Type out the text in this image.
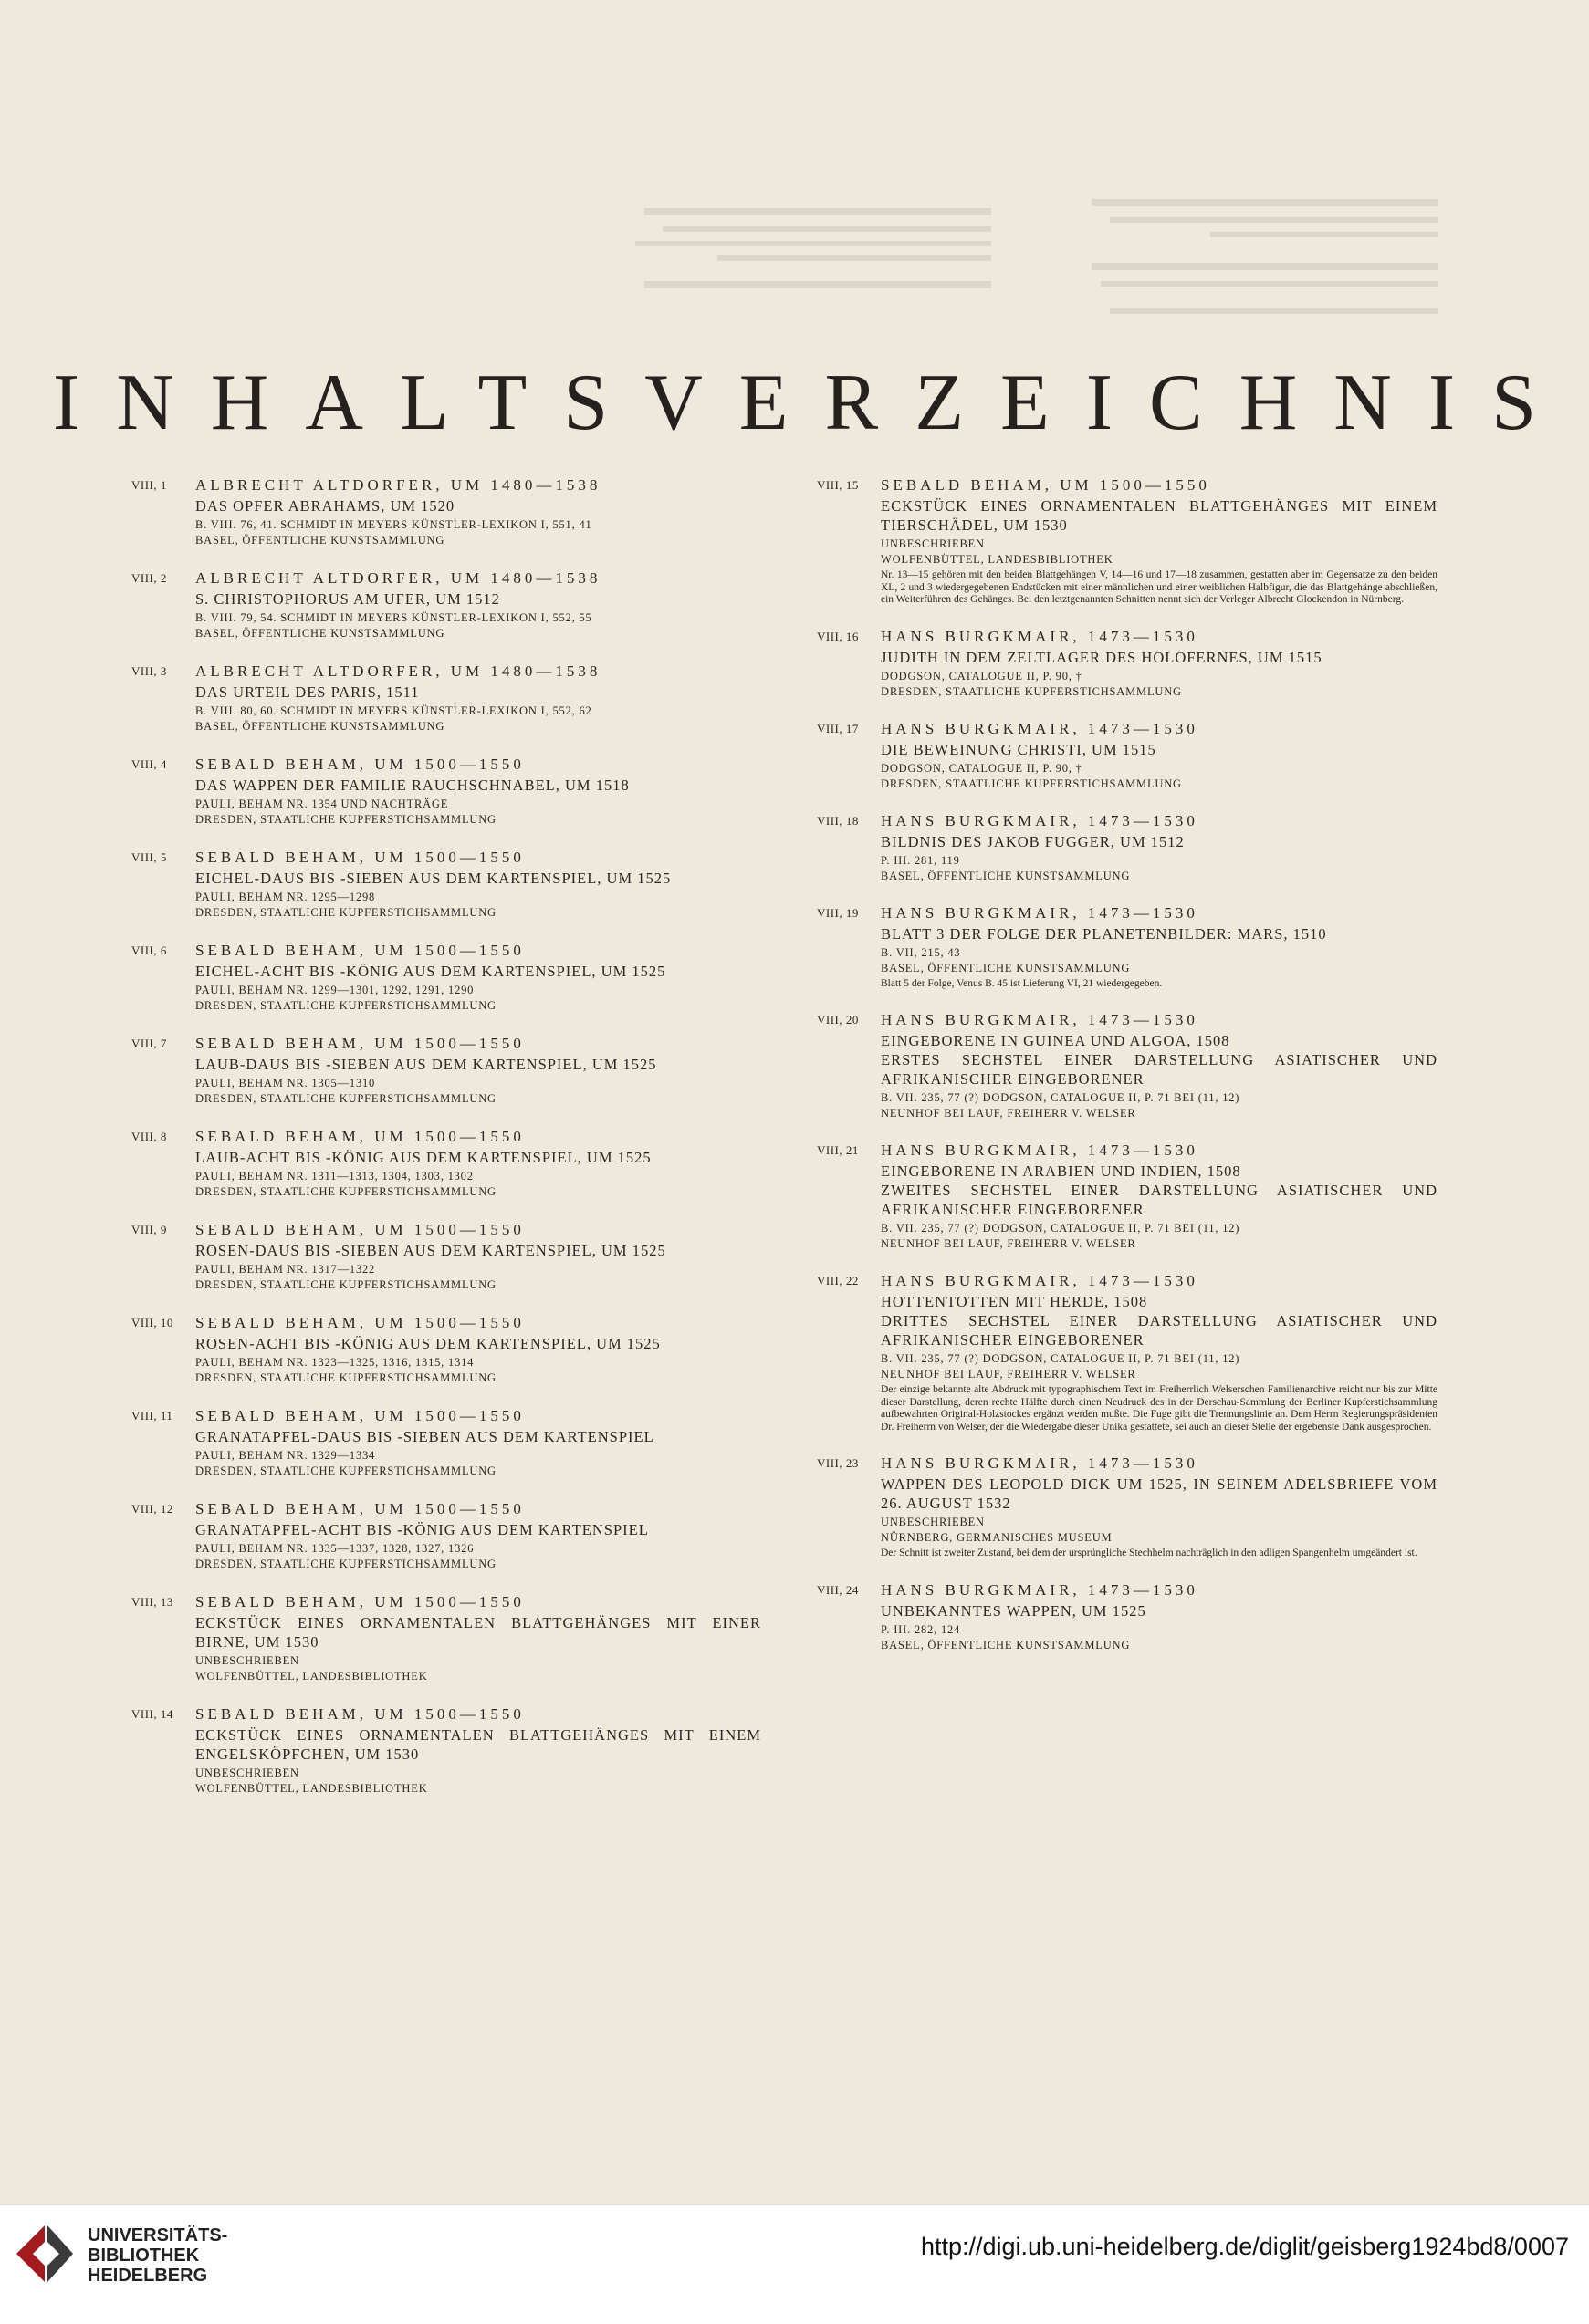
INHALTSVERZEICHNIS
VIII, 1 ALBRECHT ALTDORFER, UM 1480—1538
DAS OPFER ABRAHAMS, UM 1520
B. VIII. 76, 41. SCHMIDT IN MEYERS KÜNSTLER-LEXIKON I, 551, 41
BASEL, ÖFFENTLICHE KUNSTSAMMLUNG
VIII, 2 ALBRECHT ALTDORFER, UM 1480—1538
S. CHRISTOPHORUS AM UFER, UM 1512
B. VIII. 79, 54. SCHMIDT IN MEYERS KÜNSTLER-LEXIKON I, 552, 55
BASEL, ÖFFENTLICHE KUNSTSAMMLUNG
VIII, 3 ALBRECHT ALTDORFER, UM 1480—1538
DAS URTEIL DES PARIS, 1511
B. VIII. 80, 60. SCHMIDT IN MEYERS KÜNSTLER-LEXIKON I, 552, 62
BASEL, ÖFFENTLICHE KUNSTSAMMLUNG
VIII, 4 SEBALD BEHAM, UM 1500—1550
DAS WAPPEN DER FAMILIE RAUCHSCHNABEL, UM 1518
PAULI, BEHAM NR. 1354 UND NACHTRÄGE
DRESDEN, STAATLICHE KUPFERSTICHSAMMLUNG
VIII, 5 SEBALD BEHAM, UM 1500—1550
EICHEL-DAUS BIS -SIEBEN AUS DEM KARTENSPIEL, UM 1525
PAULI, BEHAM NR. 1295—1298
DRESDEN, STAATLICHE KUPFERSTICHSAMMLUNG
VIII, 6 SEBALD BEHAM, UM 1500—1550
EICHEL-ACHT BIS -KÖNIG AUS DEM KARTENSPIEL, UM 1525
PAULI, BEHAM NR. 1299—1301, 1292, 1291, 1290
DRESDEN, STAATLICHE KUPFERSTICHSAMMLUNG
VIII, 7 SEBALD BEHAM, UM 1500—1550
LAUB-DAUS BIS -SIEBEN AUS DEM KARTENSPIEL, UM 1525
PAULI, BEHAM NR. 1305—1310
DRESDEN, STAATLICHE KUPFERSTICHSAMMLUNG
VIII, 8 SEBALD BEHAM, UM 1500—1550
LAUB-ACHT BIS -KÖNIG AUS DEM KARTENSPIEL, UM 1525
PAULI, BEHAM NR. 1311—1313, 1304, 1303, 1302
DRESDEN, STAATLICHE KUPFERSTICHSAMMLUNG
VIII, 9 SEBALD BEHAM, UM 1500—1550
ROSEN-DAUS BIS -SIEBEN AUS DEM KARTENSPIEL, UM 1525
PAULI, BEHAM NR. 1317—1322
DRESDEN, STAATLICHE KUPFERSTICHSAMMLUNG
VIII, 10 SEBALD BEHAM, UM 1500—1550
ROSEN-ACHT BIS -KÖNIG AUS DEM KARTENSPIEL, UM 1525
PAULI, BEHAM NR. 1323—1325, 1316, 1315, 1314
DRESDEN, STAATLICHE KUPFERSTICHSAMMLUNG
VIII, 11 SEBALD BEHAM, UM 1500—1550
GRANATAPFEL-DAUS BIS -SIEBEN AUS DEM KARTENSPIEL
PAULI, BEHAM NR. 1329—1334
DRESDEN, STAATLICHE KUPFERSTICHSAMMLUNG
VIII, 12 SEBALD BEHAM, UM 1500—1550
GRANATAPFEL-ACHT BIS -KÖNIG AUS DEM KARTENSPIEL
PAULI, BEHAM NR. 1335—1337, 1328, 1327, 1326
DRESDEN, STAATLICHE KUPFERSTICHSAMMLUNG
VIII, 13 SEBALD BEHAM, UM 1500—1550
ECKSTÜCK EINES ORNAMENTALEN BLATTGEHÄNGES MIT EINER BIRNE, UM 1530
UNBESCHRIEBEN
WOLFENBÜTTEL, LANDESBIBLIOTHEK
VIII, 14 SEBALD BEHAM, UM 1500—1550
ECKSTÜCK EINES ORNAMENTALEN BLATTGEHÄNGES MIT EINEM ENGELSKÖPFCHEN, UM 1530
UNBESCHRIEBEN
WOLFENBÜTTEL, LANDESBIBLIOTHEK
VIII, 15 SEBALD BEHAM, UM 1500—1550
ECKSTÜCK EINES ORNAMENTALEN BLATTGEHÄNGES MIT EINEM TIERSCHÄDEL, UM 1530
UNBESCHRIEBEN
WOLFENBÜTTEL, LANDESBIBLIOTHEK
Nr. 13—15 gehören mit den beiden Blattgehängen V, 14—16 und 17—18 zusammen, gestatten aber im Gegensatze zu den beiden XL, 2 und 3 wiedergegebenen Endstücken mit einer männlichen und einer weiblichen Halbfigur, die das Blattgehänge abschließen, ein Weiterführen des Gehänges. Bei den letztgenannten Schnitten nennt sich der Verleger Albrecht Glockendon in Nürnberg.
VIII, 16 HANS BURGKMAIR, 1473—1530
JUDITH IN DEM ZELTLAGER DES HOLOFERNES, UM 1515
DODGSON, CATALOGUE II, P. 90, †
DRESDEN, STAATLICHE KUPFERSTICHSAMMLUNG
VIII, 17 HANS BURGKMAIR, 1473—1530
DIE BEWEINUNG CHRISTI, UM 1515
DODGSON, CATALOGUE II, P. 90, †
DRESDEN, STAATLICHE KUPFERSTICHSAMMLUNG
VIII, 18 HANS BURGKMAIR, 1473—1530
BILDNIS DES JAKOB FUGGER, UM 1512
P. III. 281, 119
BASEL, ÖFFENTLICHE KUNSTSAMMLUNG
VIII, 19 HANS BURGKMAIR, 1473—1530
BLATT 3 DER FOLGE DER PLANETENBILDER: MARS, 1510
B. VII, 215, 43
BASEL, ÖFFENTLICHE KUNSTSAMMLUNG
Blatt 5 der Folge, Venus B. 45 ist Lieferung VI, 21 wiedergegeben.
VIII, 20 HANS BURGKMAIR, 1473—1530
EINGEBORENE IN GUINEA UND ALGOA, 1508
ERSTES SECHSTEL EINER DARSTELLUNG ASIATISCHER UND AFRIKANISCHER EINGEBORENER
B. VII. 235, 77 (?) DODGSON, CATALOGUE II, P. 71 BEI (11, 12)
NEUNHOF BEI LAUF, FREIHERR V. WELSER
VIII, 21 HANS BURGKMAIR, 1473—1530
EINGEBORENE IN ARABIEN UND INDIEN, 1508
ZWEITES SECHSTEL EINER DARSTELLUNG ASIATISCHER UND AFRIKANISCHER EINGEBORENER
B. VII. 235, 77 (?) DODGSON, CATALOGUE II, P. 71 BEI (11, 12)
NEUNHOF BEI LAUF, FREIHERR V. WELSER
VIII, 22 HANS BURGKMAIR, 1473—1530
HOTTENTOTTEN MIT HERDE, 1508
DRITTES SECHSTEL EINER DARSTELLUNG ASIATISCHER UND AFRIKANISCHER EINGEBORENER
B. VII. 235, 77 (?) DODGSON, CATALOGUE II, P. 71 BEI (11, 12)
NEUNHOF BEI LAUF, FREIHERR V. WELSER
Der einzige bekannte alte Abdruck mit typographischem Text im Freiherrlich Welserschen Familienarchive reicht nur bis zur Mitte dieser Darstellung, deren rechte Hälfte durch einen Neudruck des in der Derschau-Sammlung der Berliner Kupferstichsammlung aufbewahrten Original-Holzstockes ergänzt werden mußte. Die Fuge gibt die Trennungslinie an. Dem Herrn Regierungspräsidenten Dr. Freiherrn von Welser, der die Wiedergabe dieser Unika gestattete, sei auch an dieser Stelle der ergebenste Dank ausgesprochen.
VIII, 23 HANS BURGKMAIR, 1473—1530
WAPPEN DES LEOPOLD DICK UM 1525, IN SEINEM ADELSBRIEFE VOM 26. AUGUST 1532
UNBESCHRIEBEN
NÜRNBERG, GERMANISCHES MUSEUM
Der Schnitt ist zweiter Zustand, bei dem der ursprüngliche Stechhelm nachträglich in den adligen Spangenhelm umgeändert ist.
VIII, 24 HANS BURGKMAIR, 1473—1530
UNBEKANNTES WAPPEN, UM 1525
P. III. 282, 124
BASEL, ÖFFENTLICHE KUNSTSAMMLUNG
UNIVERSITÄTS-
BIBLIOTHEK
HEIDELBERG
http://digi.ub.uni-heidelberg.de/diglit/geisberg1924bd8/0007
